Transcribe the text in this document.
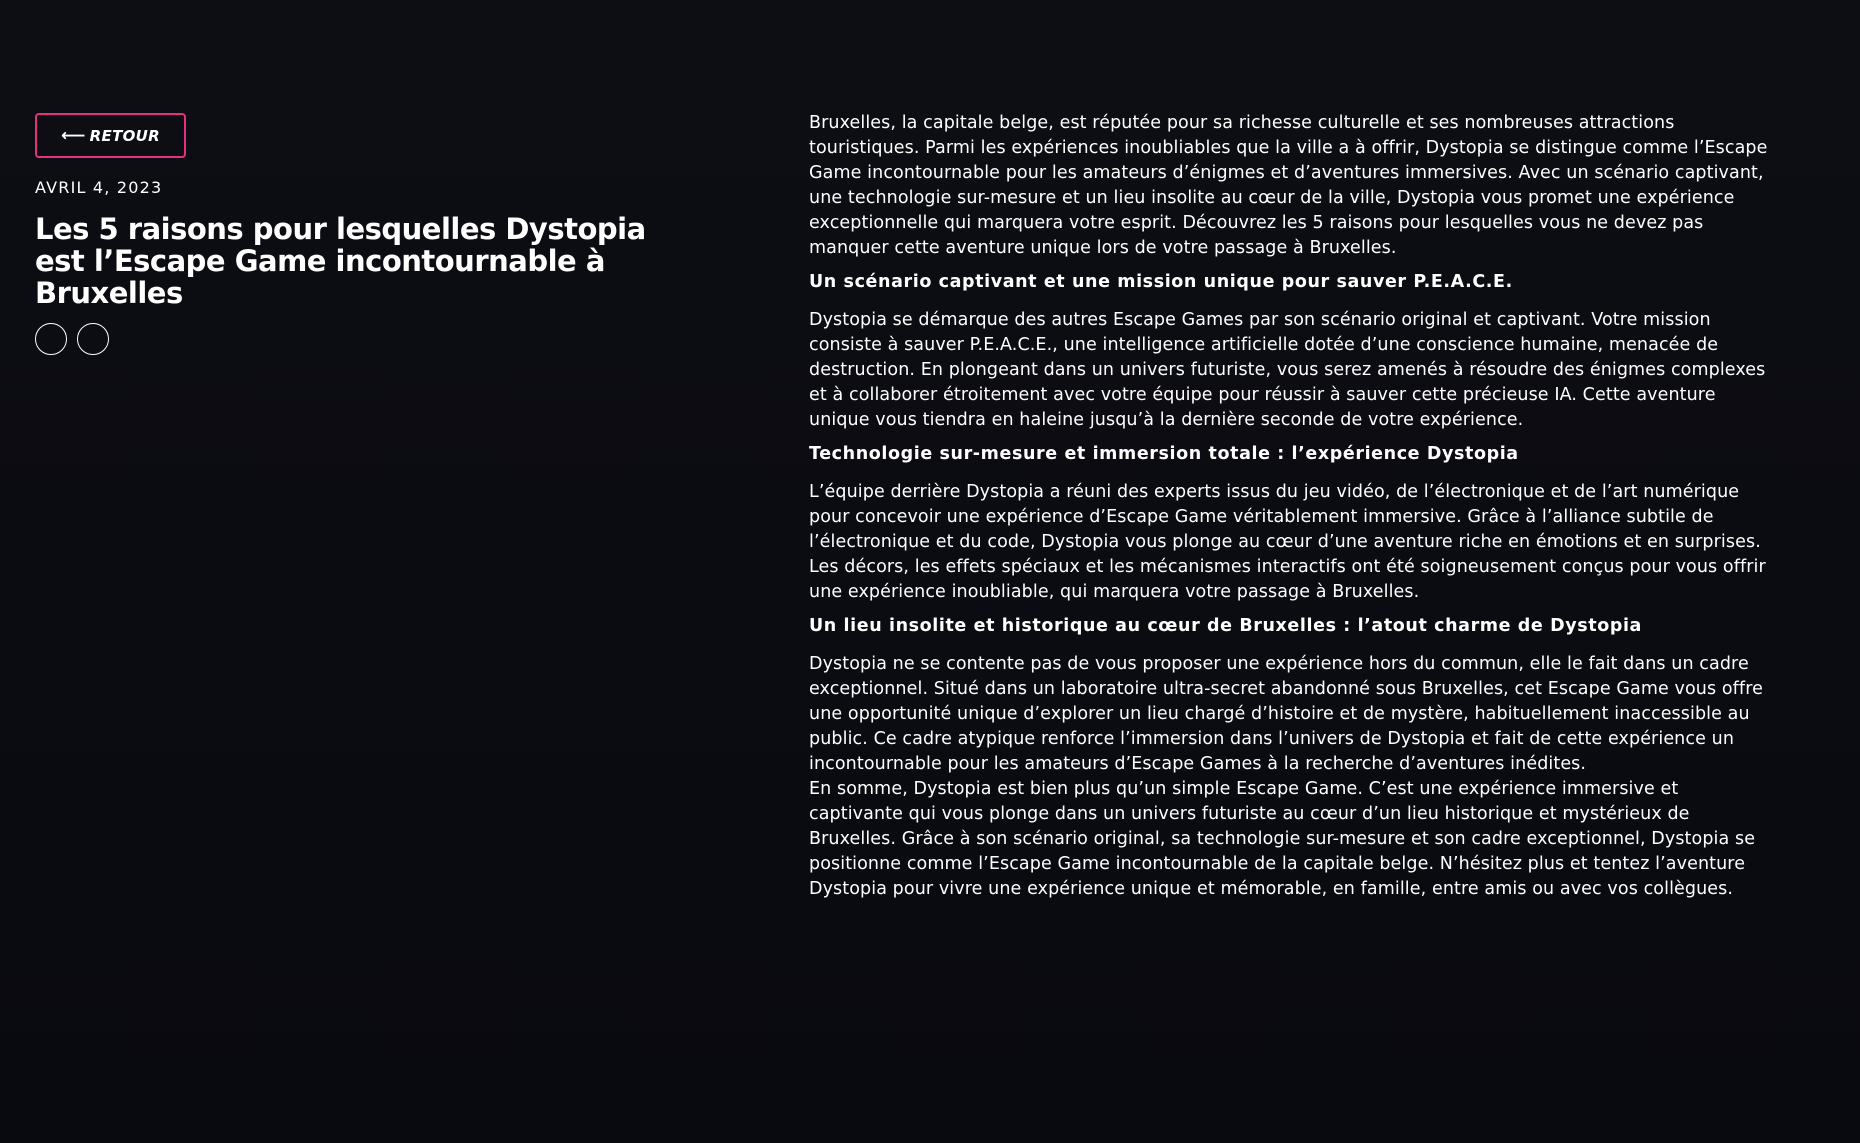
⟵ RETOUR
AVRIL 4, 2023
Les 5 raisons pour lesquelles Dystopia est l’Escape Game incontournable à Bruxelles

Bruxelles, la capitale belge, est réputée pour sa richesse culturelle et ses nombreuses attractions touristiques. Parmi les expériences inoubliables que la ville a à offrir, Dystopia se distingue comme l’Escape Game incontournable pour les amateurs d’énigmes et d’aventures immersives. Avec un scénario captivant, une technologie sur-mesure et un lieu insolite au cœur de la ville, Dystopia vous promet une expérience exceptionnelle qui marquera votre esprit. Découvrez les 5 raisons pour lesquelles vous ne devez pas manquer cette aventure unique lors de votre passage à Bruxelles.

Un scénario captivant et une mission unique pour sauver P.E.A.C.E.

Dystopia se démarque des autres Escape Games par son scénario original et captivant. Votre mission consiste à sauver P.E.A.C.E., une intelligence artificielle dotée d’une conscience humaine, menacée de destruction. En plongeant dans un univers futuriste, vous serez amenés à résoudre des énigmes complexes et à collaborer étroitement avec votre équipe pour réussir à sauver cette précieuse IA. Cette aventure unique vous tiendra en haleine jusqu’à la dernière seconde de votre expérience.

Technologie sur-mesure et immersion totale : l’expérience Dystopia

L’équipe derrière Dystopia a réuni des experts issus du jeu vidéo, de l’électronique et de l’art numérique pour concevoir une expérience d’Escape Game véritablement immersive. Grâce à l’alliance subtile de l’électronique et du code, Dystopia vous plonge au cœur d’une aventure riche en émotions et en surprises. Les décors, les effets spéciaux et les mécanismes interactifs ont été soigneusement conçus pour vous offrir une expérience inoubliable, qui marquera votre passage à Bruxelles.

Un lieu insolite et historique au cœur de Bruxelles : l’atout charme de Dystopia

Dystopia ne se contente pas de vous proposer une expérience hors du commun, elle le fait dans un cadre exceptionnel. Situé dans un laboratoire ultra-secret abandonné sous Bruxelles, cet Escape Game vous offre une opportunité unique d’explorer un lieu chargé d’histoire et de mystère, habituellement inaccessible au public. Ce cadre atypique renforce l’immersion dans l’univers de Dystopia et fait de cette expérience un incontournable pour les amateurs d’Escape Games à la recherche d’aventures inédites.

En somme, Dystopia est bien plus qu’un simple Escape Game. C’est une expérience immersive et captivante qui vous plonge dans un univers futuriste au cœur d’un lieu historique et mystérieux de Bruxelles. Grâce à son scénario original, sa technologie sur-mesure et son cadre exceptionnel, Dystopia se positionne comme l’Escape Game incontournable de la capitale belge. N’hésitez plus et tentez l’aventure Dystopia pour vivre une expérience unique et mémorable, en famille, entre amis ou avec vos collègues.
